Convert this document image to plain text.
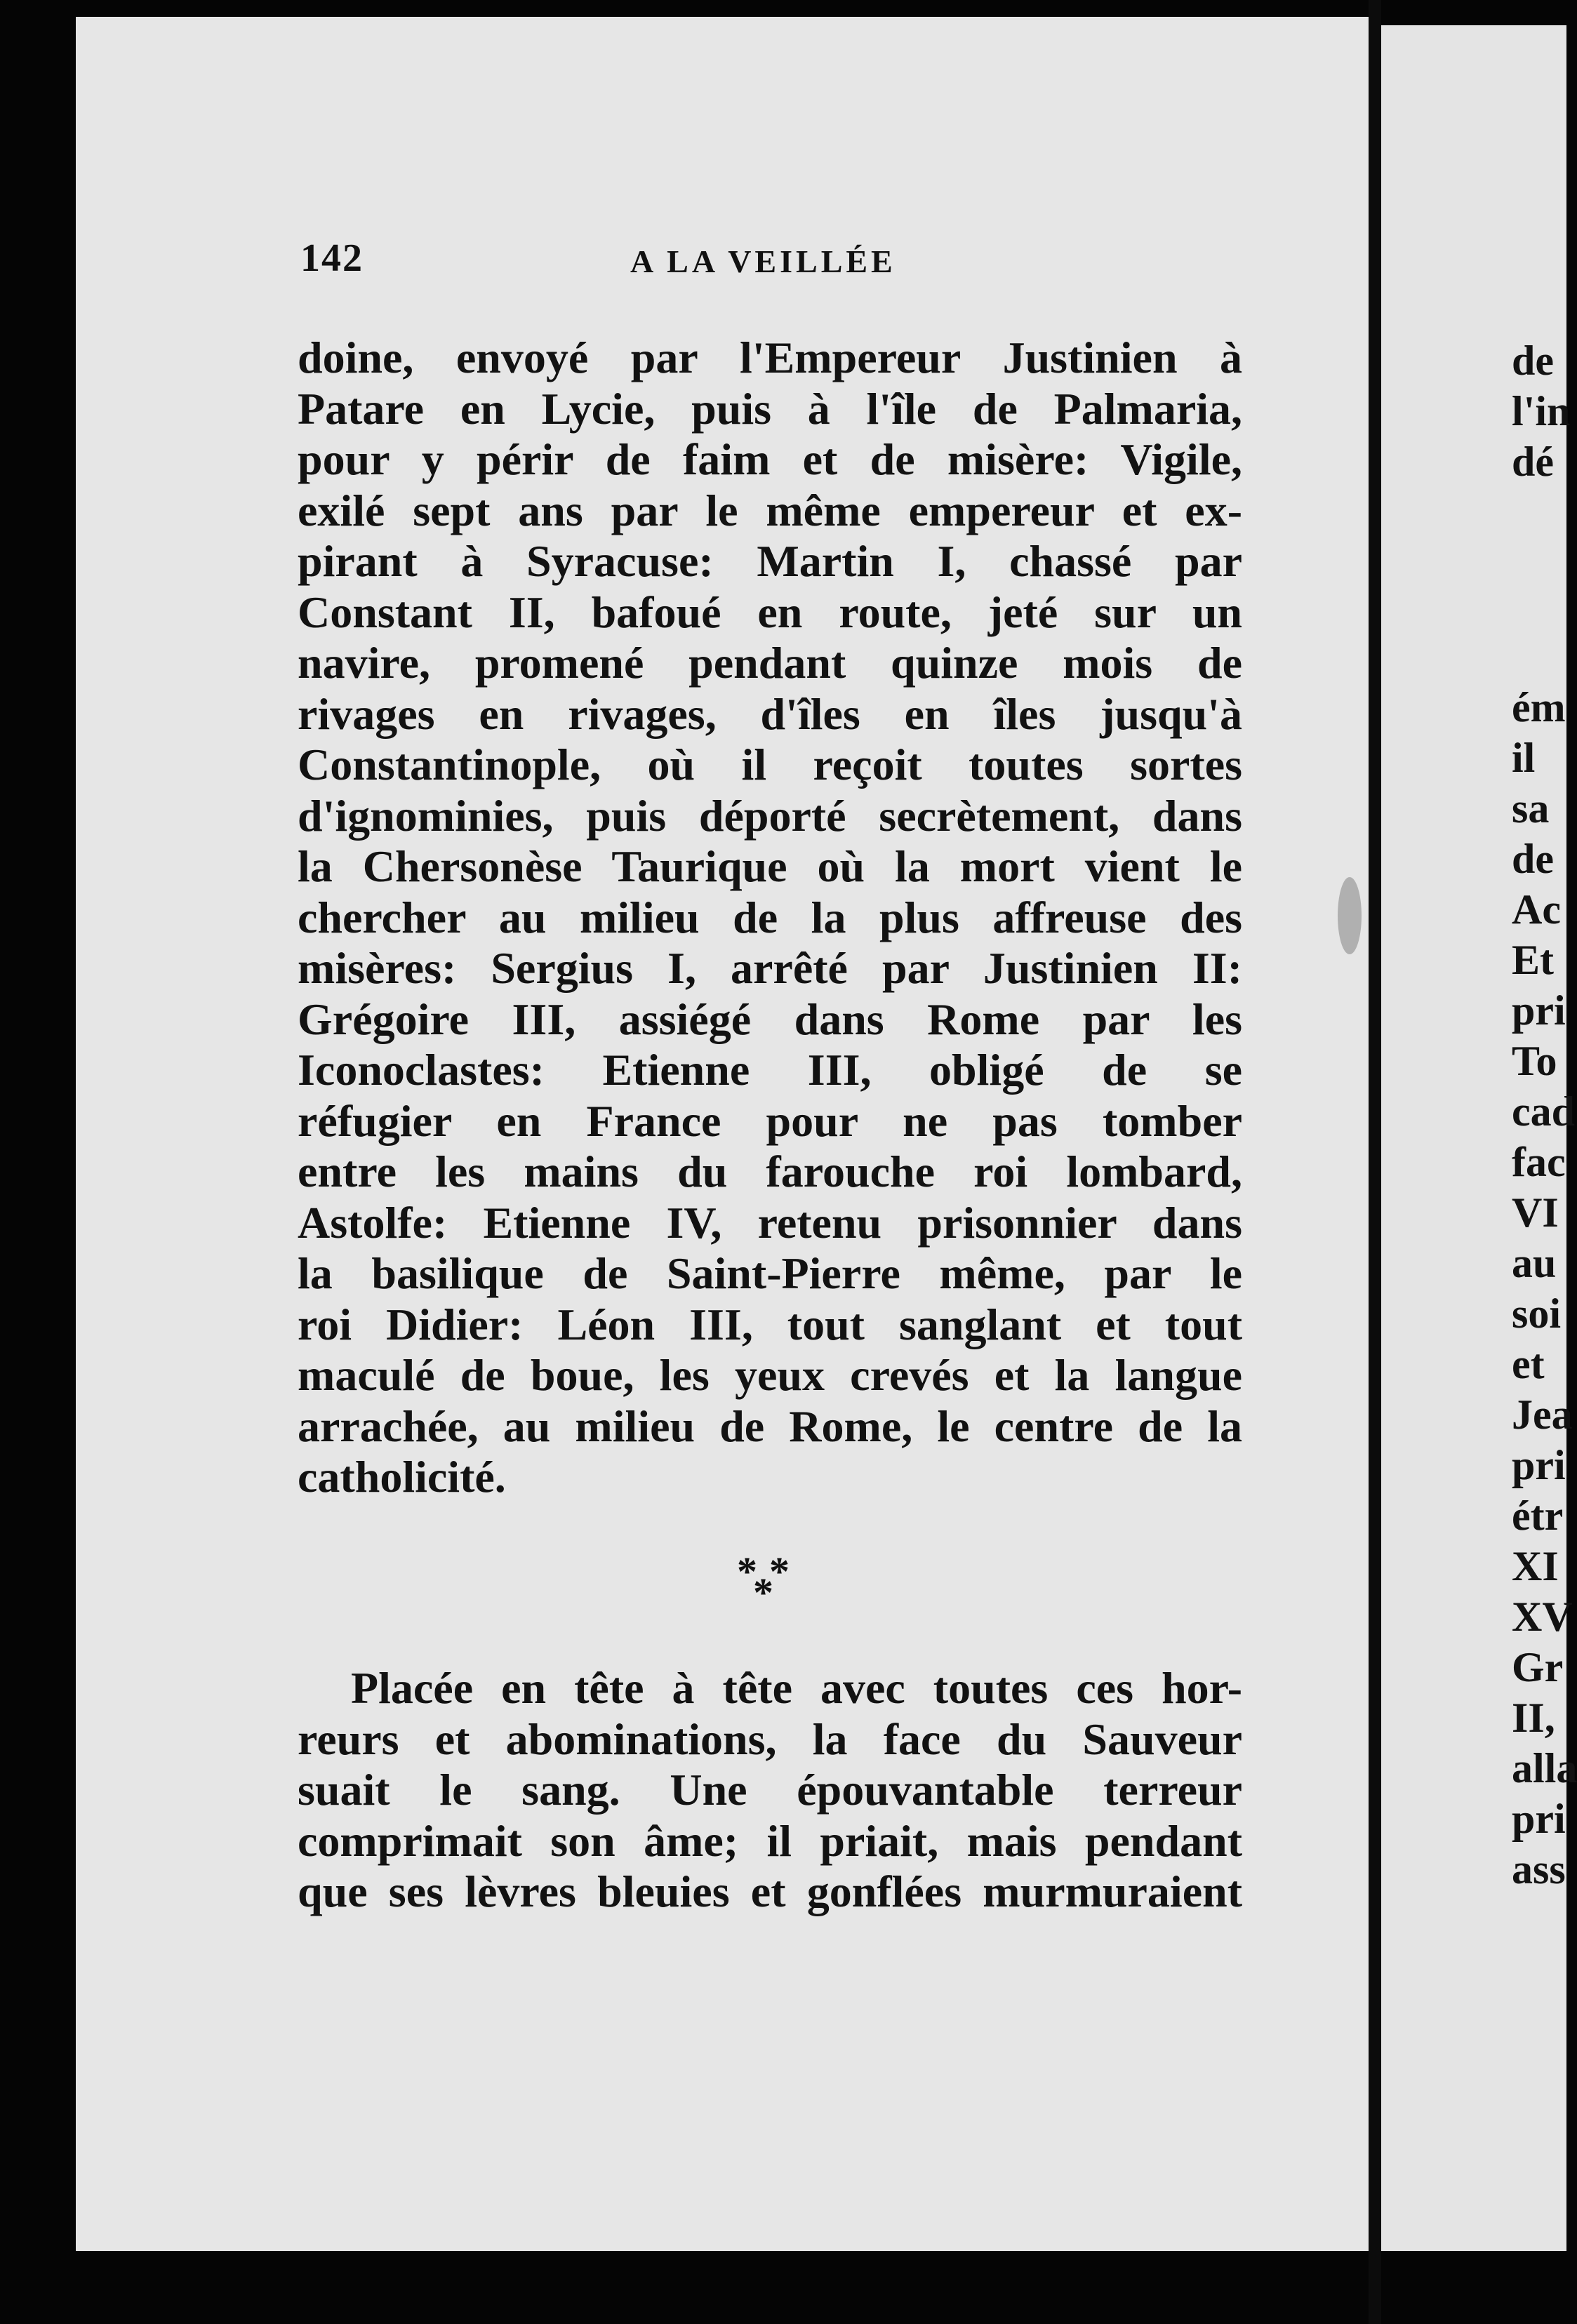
142	A LA VEILLÉE
doine, envoyé par l'Empereur Justinien à
Patare en Lycie, puis à l'île de Palmaria,
pour y périr de faim et de misère: Vigile,
exilé sept ans par le même empereur et ex-
pirant à Syracuse: Martin I, chassé par
Constant II, bafoué en route, jeté sur un
navire, promené pendant quinze mois de
rivages en rivages, d'îles en îles jusqu'à
Constantinople, où il reçoit toutes sortes
d'ignominies, puis déporté secrètement, dans
la Chersonèse Taurique où la mort vient le
chercher au milieu de la plus affreuse des
misères: Sergius I, arrêté par Justinien II:
Grégoire III, assiégé dans Rome par les
Iconoclastes: Etienne III, obligé de se
réfugier en France pour ne pas tomber
entre les mains du farouche roi lombard,
Astolfe: Etienne IV, retenu prisonnier dans
la basilique de Saint-Pierre même, par le
roi Didier: Léon III, tout sanglant et tout
maculé de boue, les yeux crevés et la langue
arrachée, au milieu de Rome, le centre de la
catholicité.
* *
*
Placée en tête à tête avec toutes ces hor-
reurs et abominations, la face du Sauveur
suait le sang. Une épouvantable terreur
comprimait son âme; il priait, mais pendant
que ses lèvres bleuies et gonflées murmuraient
de
l'in
dé
ém
il
sa
de
Ac
Et
pri
To
cad
fac
VI
au
soi
et
Jea
pri
étr
XI
XV
Gr
II,
alla
pri
ass
